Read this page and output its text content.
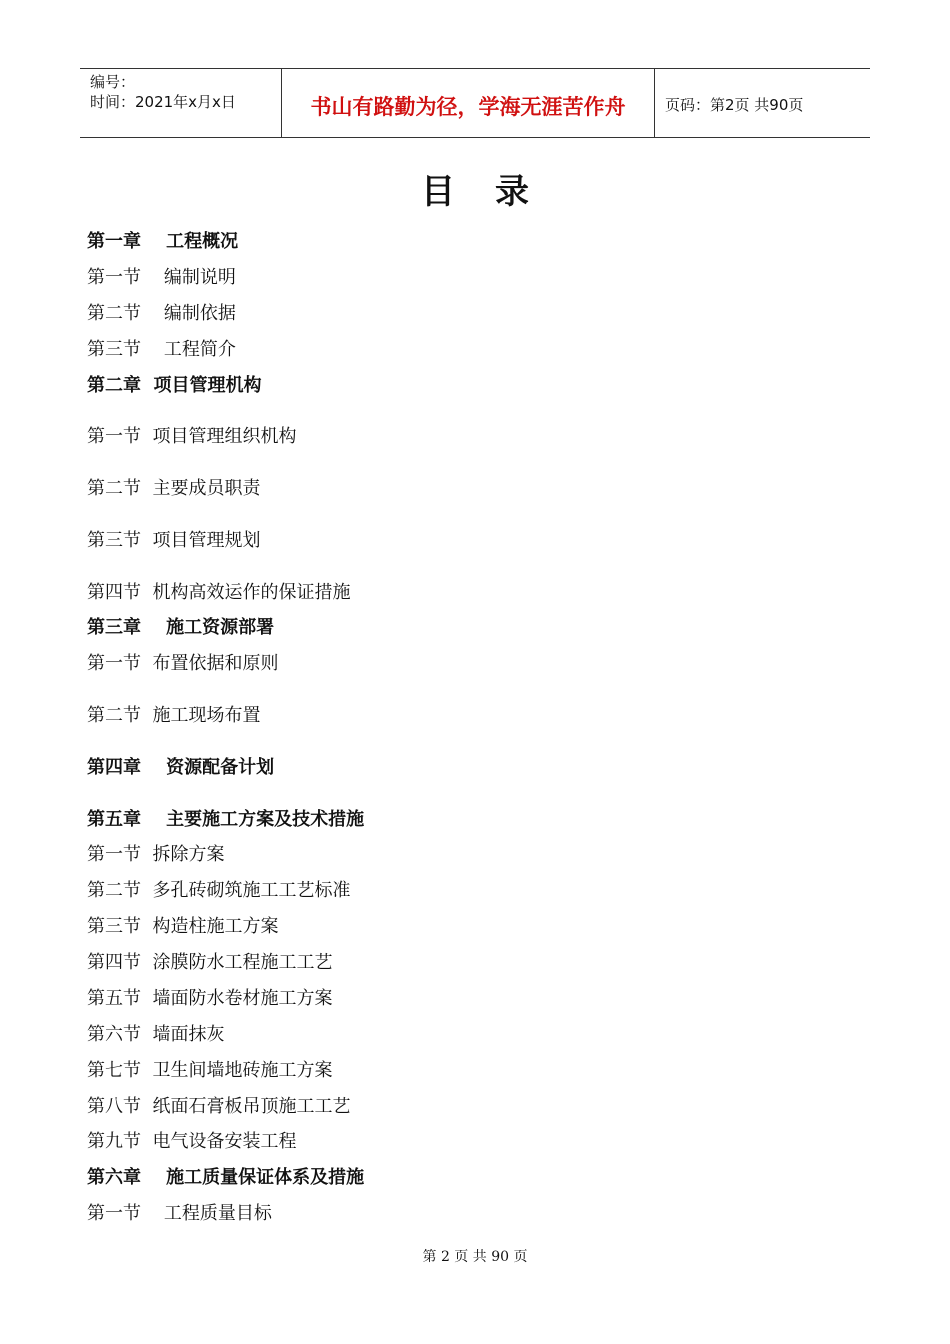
编号：
时间：2021年x月x日	书山有路勤为径，学海无涯苦作舟	页码：第2页 共90页
目录
第一章    工程概况
第一节    编制说明
第二节    编制依据
第三节    工程简介
第二章  项目管理机构
第一节  项目管理组织机构
第二节  主要成员职责
第三节  项目管理规划
第四节  机构高效运作的保证措施
第三章    施工资源部署
第一节  布置依据和原则
第二节  施工现场布置
第四章    资源配备计划
第五章    主要施工方案及技术措施
第一节  拆除方案
第二节  多孔砖砌筑施工工艺标准
第三节  构造柱施工方案
第四节  涂膜防水工程施工工艺
第五节  墙面防水卷材施工方案
第六节  墙面抹灰
第七节  卫生间墙地砖施工方案
第八节  纸面石膏板吊顶施工工艺
第九节  电气设备安装工程
第六章    施工质量保证体系及措施
第一节    工程质量目标
第 2 页 共 90 页
